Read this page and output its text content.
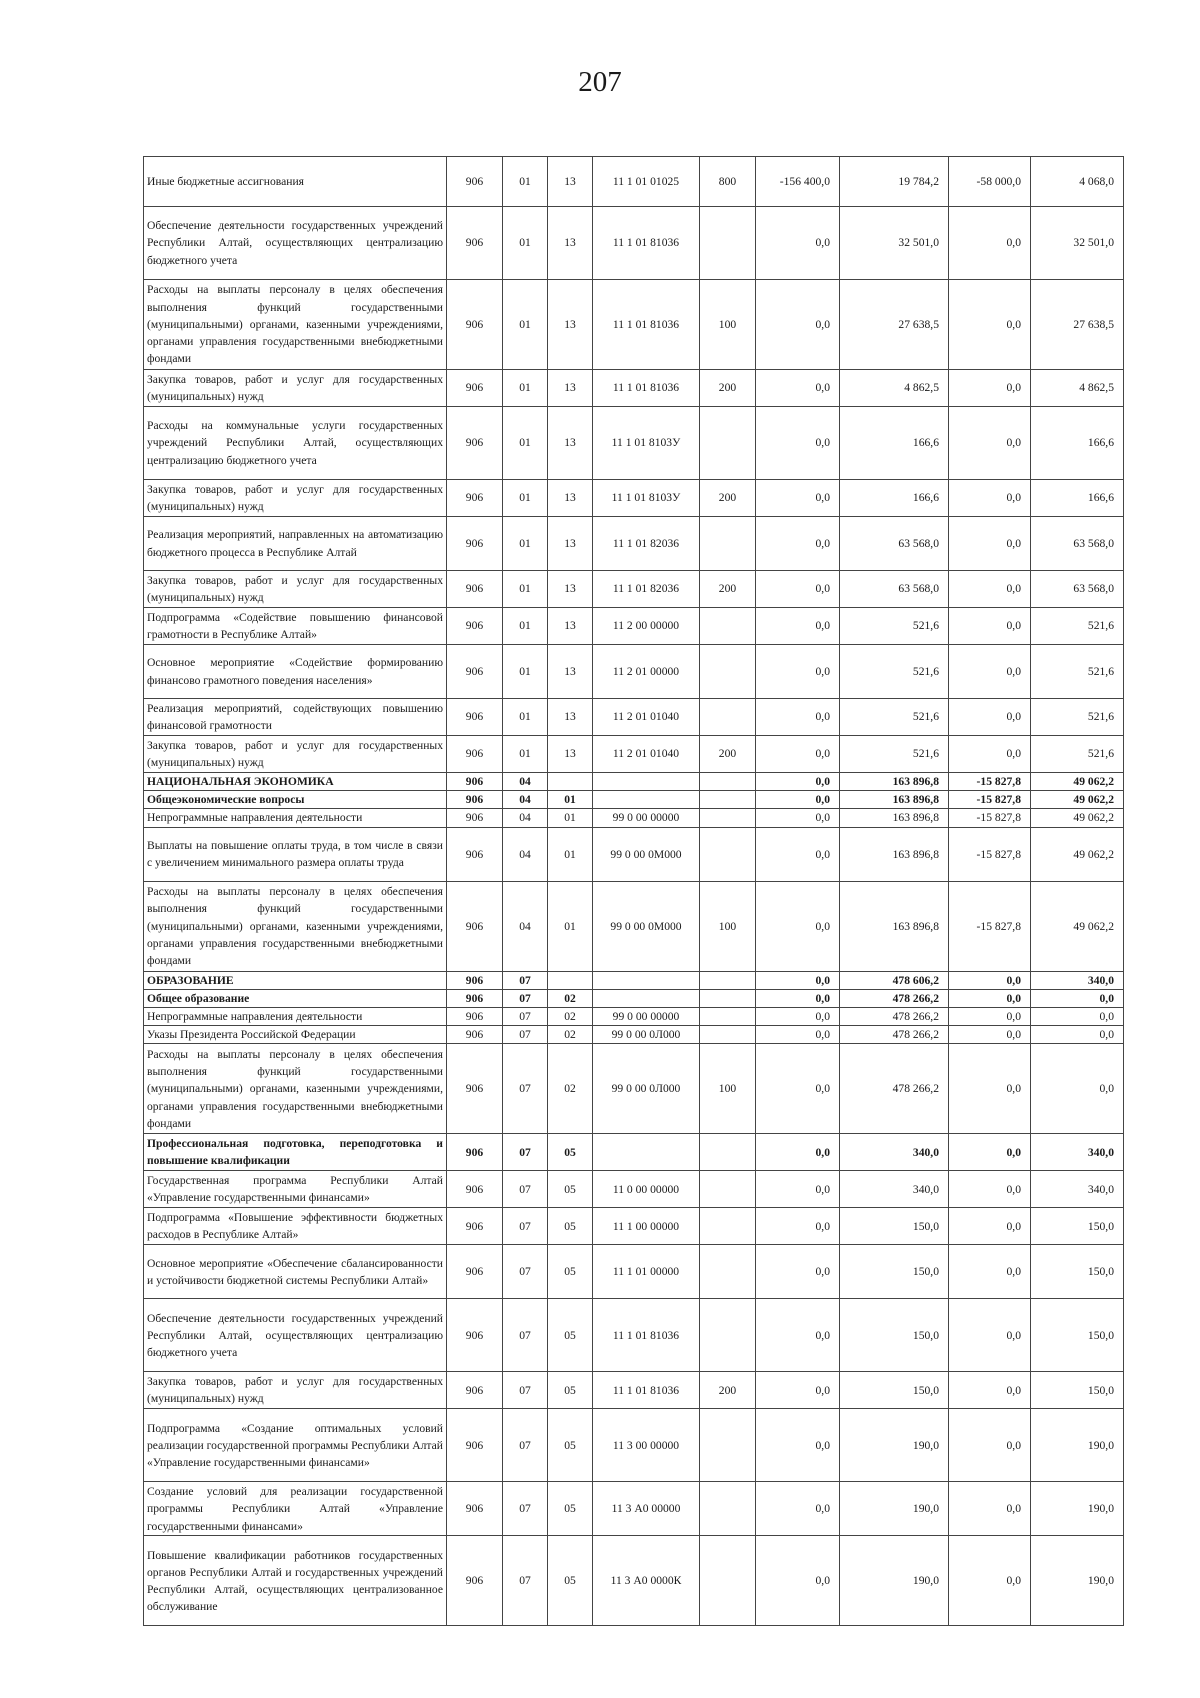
207
Иные бюджетные ассигнования	906	01	13	11 1 01 01025	800	-156 400,0	19 784,2	-58 000,0	4 068,0
Обеспечение деятельности государственных учреждений Республики Алтай, осуществляющих централизацию бюджетного учета	906	01	13	11 1 01 81036		0,0	32 501,0	0,0	32 501,0
Расходы на выплаты персоналу в целях обеспечения выполнения функций государственными (муниципальными) органами, казенными учреждениями, органами управления государственными внебюджетными фондами	906	01	13	11 1 01 81036	100	0,0	27 638,5	0,0	27 638,5
Закупка товаров, работ и услуг для государственных (муниципальных) нужд	906	01	13	11 1 01 81036	200	0,0	4 862,5	0,0	4 862,5
Расходы на коммунальные услуги государственных учреждений Республики Алтай, осуществляющих централизацию бюджетного учета	906	01	13	11 1 01 8103У		0,0	166,6	0,0	166,6
Закупка товаров, работ и услуг для государственных (муниципальных) нужд	906	01	13	11 1 01 8103У	200	0,0	166,6	0,0	166,6
Реализация мероприятий, направленных на автоматизацию бюджетного процесса в Республике Алтай	906	01	13	11 1 01 82036		0,0	63 568,0	0,0	63 568,0
Закупка товаров, работ и услуг для государственных (муниципальных) нужд	906	01	13	11 1 01 82036	200	0,0	63 568,0	0,0	63 568,0
Подпрограмма «Содействие повышению финансовой грамотности в Республике Алтай»	906	01	13	11 2 00 00000		0,0	521,6	0,0	521,6
Основное мероприятие «Содействие формированию финансово грамотного поведения населения»	906	01	13	11 2 01 00000		0,0	521,6	0,0	521,6
Реализация мероприятий, содействующих повышению финансовой грамотности	906	01	13	11 2 01 01040		0,0	521,6	0,0	521,6
Закупка товаров, работ и услуг для государственных (муниципальных) нужд	906	01	13	11 2 01 01040	200	0,0	521,6	0,0	521,6
НАЦИОНАЛЬНАЯ ЭКОНОМИКА	906	04				0,0	163 896,8	-15 827,8	49 062,2
Общеэкономические вопросы	906	04	01			0,0	163 896,8	-15 827,8	49 062,2
Непрограммные направления деятельности	906	04	01	99 0 00 00000		0,0	163 896,8	-15 827,8	49 062,2
Выплаты на повышение оплаты труда, в том числе в связи с увеличением минимального размера оплаты труда	906	04	01	99 0 00 0М000		0,0	163 896,8	-15 827,8	49 062,2
Расходы на выплаты персоналу в целях обеспечения выполнения функций государственными (муниципальными) органами, казенными учреждениями, органами управления государственными внебюджетными фондами	906	04	01	99 0 00 0М000	100	0,0	163 896,8	-15 827,8	49 062,2
ОБРАЗОВАНИЕ	906	07				0,0	478 606,2	0,0	340,0
Общее образование	906	07	02			0,0	478 266,2	0,0	0,0
Непрограммные направления деятельности	906	07	02	99 0 00 00000		0,0	478 266,2	0,0	0,0
Указы Президента Российской Федерации	906	07	02	99 0 00 0Л000		0,0	478 266,2	0,0	0,0
Расходы на выплаты персоналу в целях обеспечения выполнения функций государственными (муниципальными) органами, казенными учреждениями, органами управления государственными внебюджетными фондами	906	07	02	99 0 00 0Л000	100	0,0	478 266,2	0,0	0,0
Профессиональная подготовка, переподготовка и повышение квалификации	906	07	05			0,0	340,0	0,0	340,0
Государственная программа Республики Алтай «Управление государственными финансами»	906	07	05	11 0 00 00000		0,0	340,0	0,0	340,0
Подпрограмма «Повышение эффективности бюджетных расходов в Республике Алтай»	906	07	05	11 1 00 00000		0,0	150,0	0,0	150,0
Основное мероприятие «Обеспечение сбалансированности и устойчивости бюджетной системы Республики Алтай»	906	07	05	11 1 01 00000		0,0	150,0	0,0	150,0
Обеспечение деятельности государственных учреждений Республики Алтай, осуществляющих централизацию бюджетного учета	906	07	05	11 1 01 81036		0,0	150,0	0,0	150,0
Закупка товаров, работ и услуг для государственных (муниципальных) нужд	906	07	05	11 1 01 81036	200	0,0	150,0	0,0	150,0
Подпрограмма «Создание оптимальных условий реализации государственной программы Республики Алтай «Управление государственными финансами»	906	07	05	11 3 00 00000		0,0	190,0	0,0	190,0
Создание условий для реализации государственной программы Республики Алтай «Управление государственными финансами»	906	07	05	11 3 А0 00000		0,0	190,0	0,0	190,0
Повышение квалификации работников государственных органов Республики Алтай и государственных учреждений Республики Алтай, осуществляющих централизованное обслуживание	906	07	05	11 3 А0 0000К		0,0	190,0	0,0	190,0
